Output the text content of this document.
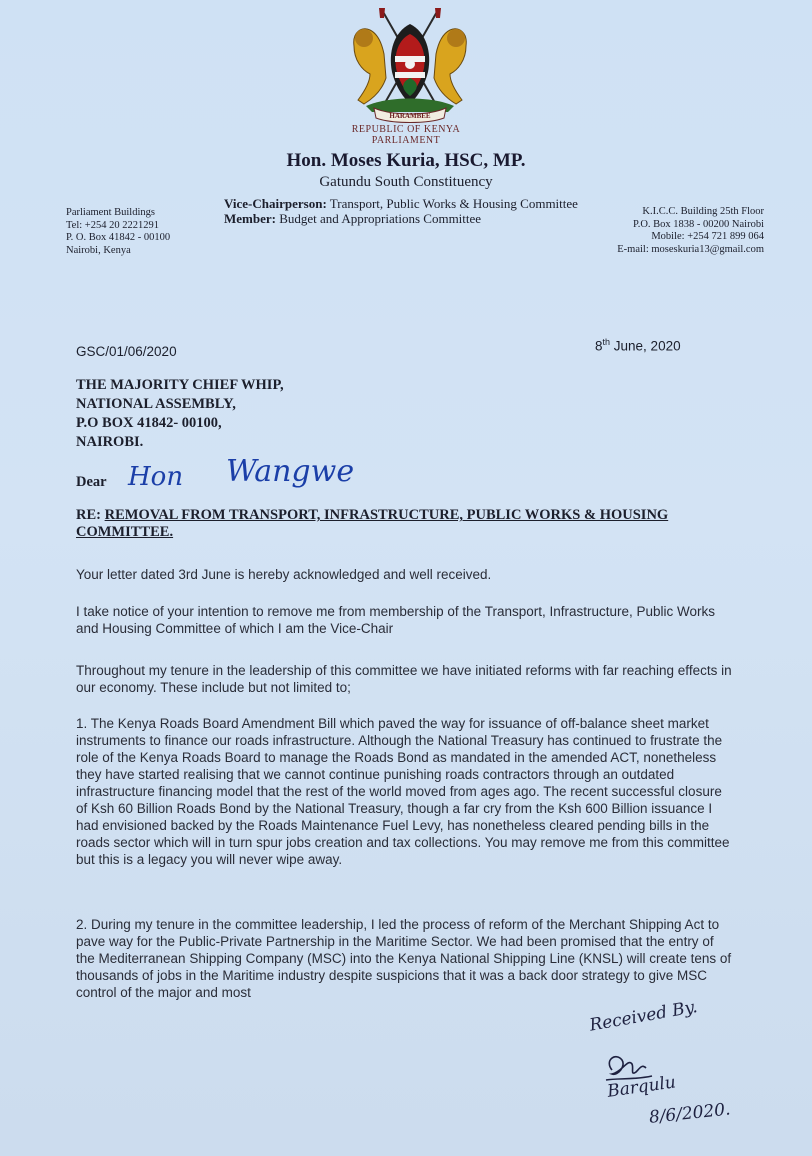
HARAMBEE
REPUBLIC OF KENYA
PARLIAMENT
Hon. Moses Kuria, HSC, MP.
Gatundu South Constituency
Vice-Chairperson: Transport, Public Works & Housing Committee
Member: Budget and Appropriations Committee
Parliament Buildings
Tel: +254 20 2221291
P. O. Box 41842 - 00100
Nairobi, Kenya
K.I.C.C. Building 25th Floor
P.O. Box 1838 - 00200 Nairobi
Mobile: +254 721 899 064
E-mail: moseskuria13@gmail.com
GSC/01/06/2020	8th June, 2020
THE MAJORITY CHIEF WHIP,
NATIONAL ASSEMBLY,
P.O BOX 41842- 00100,
NAIROBI.
Dear Hon Wangwe
RE: REMOVAL FROM TRANSPORT, INFRASTRUCTURE, PUBLIC WORKS & HOUSING COMMITTEE.
Your letter dated 3rd June is hereby acknowledged and well received.
I take notice of your intention to remove me from membership of the Transport, Infrastructure, Public Works and Housing Committee of which I am the Vice-Chair
Throughout my tenure in the leadership of this committee we have initiated reforms with far reaching effects in our economy. These include but not limited to;
1. The Kenya Roads Board Amendment Bill which paved the way for issuance of off-balance sheet market instruments to finance our roads infrastructure. Although the National Treasury has continued to frustrate the role of the Kenya Roads Board to manage the Roads Bond as mandated in the amended ACT, nonetheless they have started realising that we cannot continue punishing roads contractors through an outdated infrastructure financing model that the rest of the world moved from ages ago. The recent successful closure of Ksh 60 Billion Roads Bond by the National Treasury, though a far cry from the Ksh 600 Billion issuance I had envisioned backed by the Roads Maintenance Fuel Levy, has nonetheless cleared pending bills in the roads sector which will in turn spur jobs creation and tax collections. You may remove me from this committee but this is a legacy you will never wipe away.
2. During my tenure in the committee leadership, I led the process of reform of the Merchant Shipping Act to pave way for the Public-Private Partnership in the Maritime Sector. We had been promised that the entry of the Mediterranean Shipping Company (MSC) into the Kenya National Shipping Line (KNSL) will create tens of thousands of jobs in the Maritime industry despite suspicions that it was a back door strategy to give MSC control of the major and most
Received By.
Barqulu
8/6/2020.
